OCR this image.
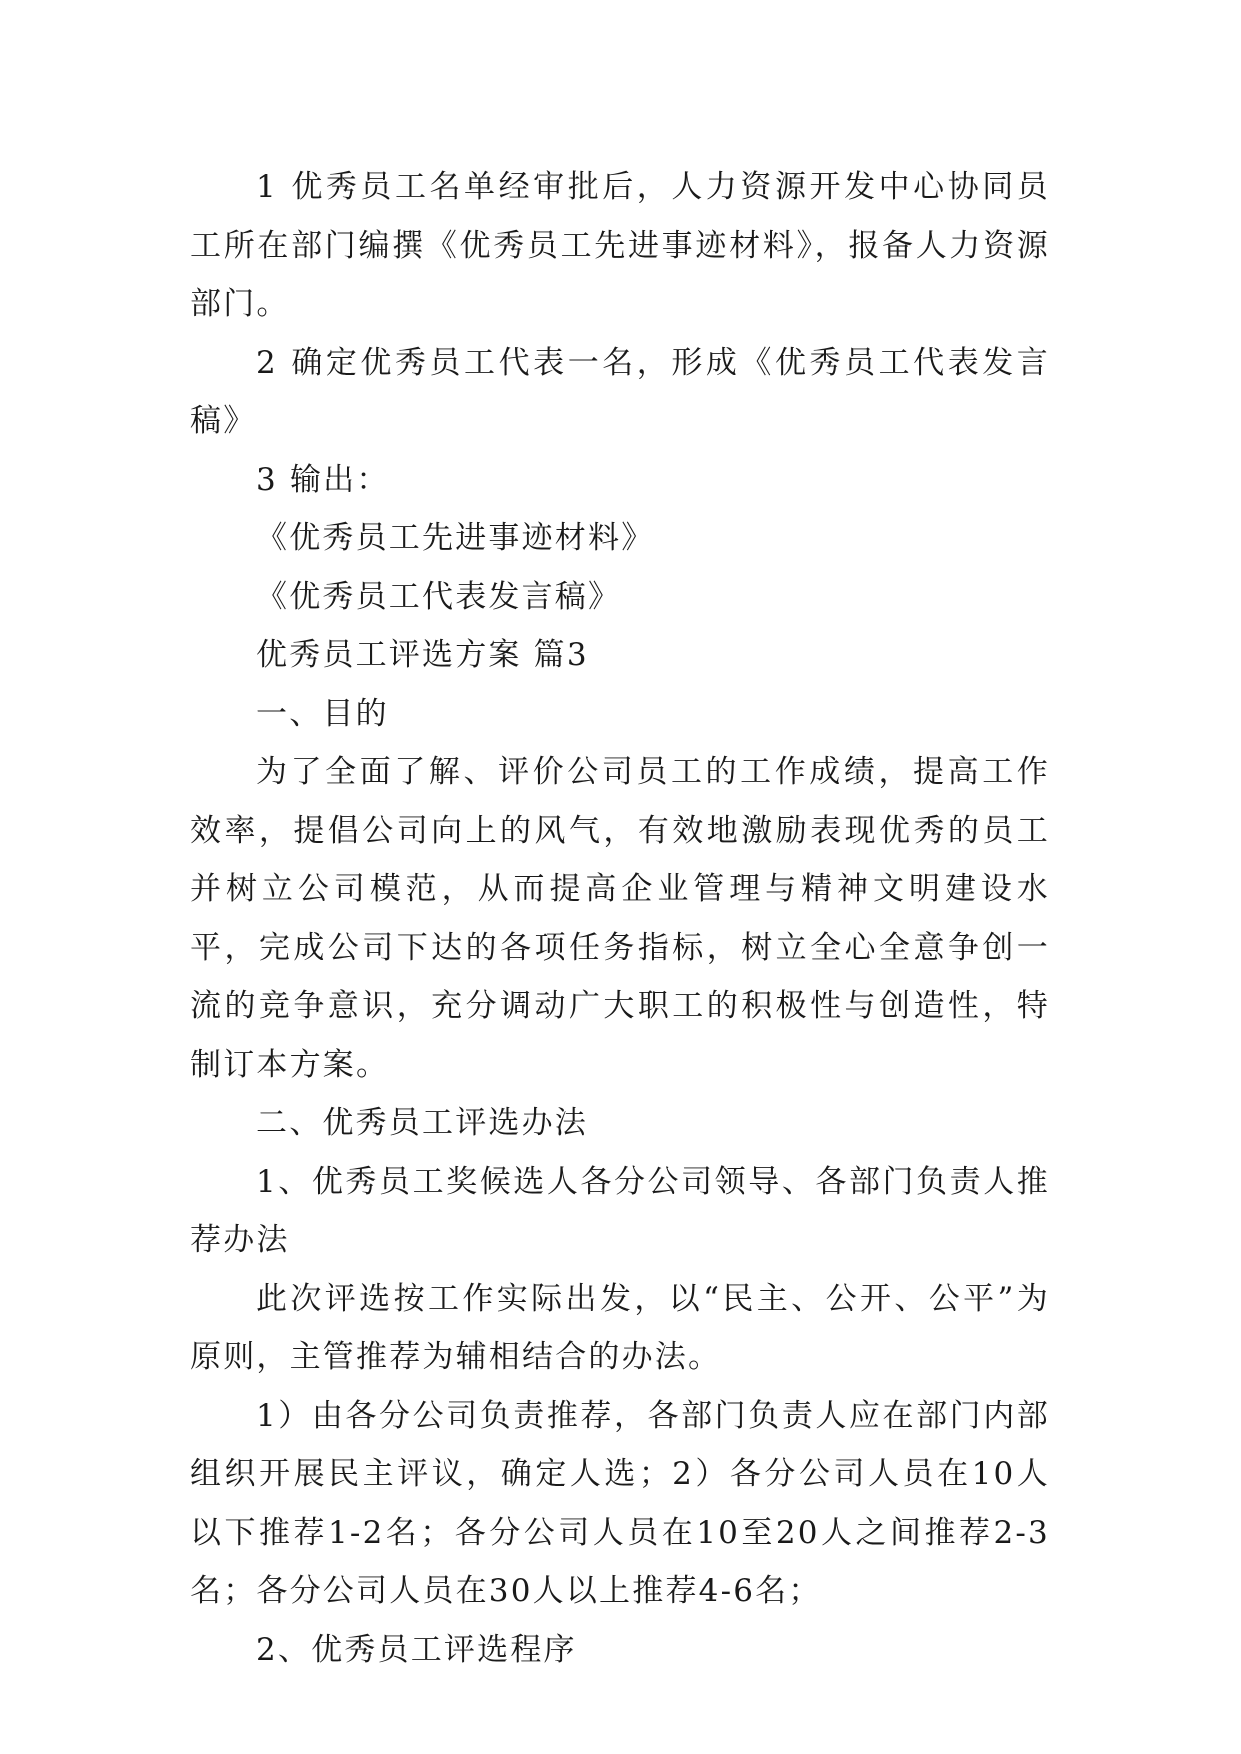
1 优秀员工名单经审批后，人力资源开发中心协同员工所在部门编撰《优秀员工先进事迹材料》，报备人力资源部门。

2 确定优秀员工代表一名，形成《优秀员工代表发言稿》

3 输出：

《优秀员工先进事迹材料》

《优秀员工代表发言稿》

优秀员工评选方案 篇3

一、目的

为了全面了解、评价公司员工的工作成绩，提高工作效率，提倡公司向上的风气，有效地激励表现优秀的员工并树立公司模范，从而提高企业管理与精神文明建设水平，完成公司下达的各项任务指标，树立全心全意争创一流的竞争意识，充分调动广大职工的积极性与创造性，特制订本方案。

二、优秀员工评选办法

1、优秀员工奖候选人各分公司领导、各部门负责人推荐办法

此次评选按工作实际出发，以“民主、公开、公平”为原则，主管推荐为辅相结合的办法。

1）由各分公司负责推荐，各部门负责人应在部门内部组织开展民主评议，确定人选；2）各分公司人员在10人以下推荐1-2名；各分公司人员在10至20人之间推荐2-3名；各分公司人员在30人以上推荐4-6名；

2、优秀员工评选程序
